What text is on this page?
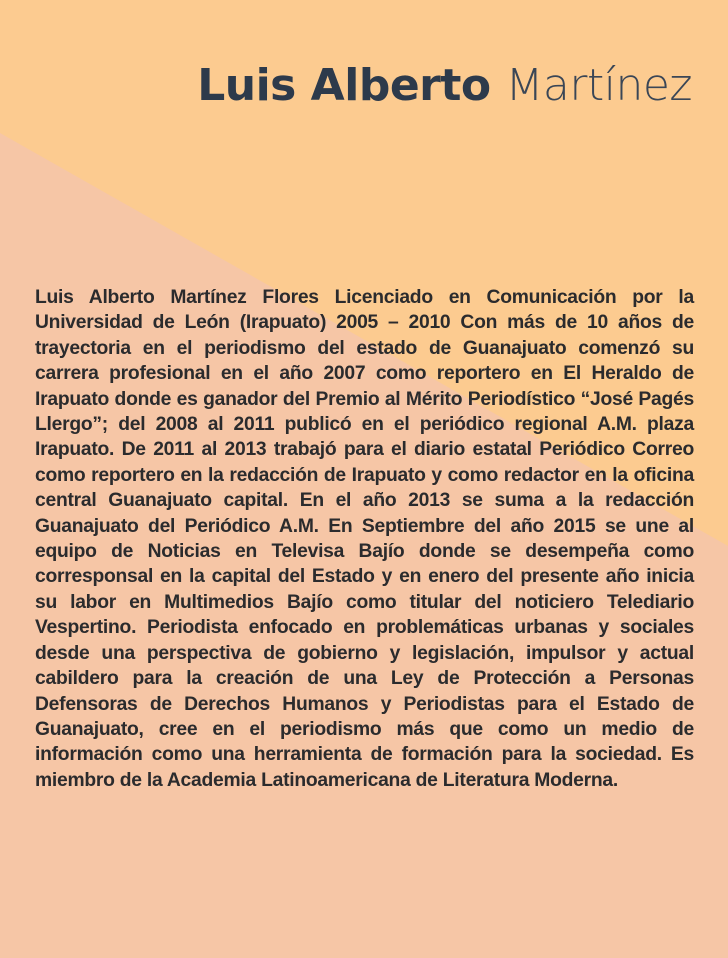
Luis Alberto Martínez

Luis Alberto Martínez Flores Licenciado en Comunicación por la Universidad de León (Irapuato) 2005 – 2010 Con más de 10 años de trayectoria en el periodismo del estado de Guanajuato comenzó su carrera profesional en el año 2007 como reportero en El Heraldo de Irapuato donde es ganador del Premio al Mérito Periodístico “José Pagés Llergo”; del 2008 al 2011 publicó en el periódico regional A.M. plaza Irapuato. De 2011 al 2013 trabajó para el diario estatal Periódico Correo como reportero en la redacción de Irapuato y como redactor en la oficina central Guanajuato capital. En el año 2013 se suma a la redacción Guanajuato del Periódico A.M. En Septiembre del año 2015 se une al equipo de Noticias en Televisa Bajío donde se desempeña como corresponsal en la capital del Estado y en enero del presente año inicia su labor en Multimedios Bajío como titular del noticiero Telediario Vespertino. Periodista enfocado en problemáticas urbanas y sociales desde una perspectiva de gobierno y legislación, impulsor y actual cabildero para la creación de una Ley de Protección a Personas Defensoras de Derechos Humanos y Periodistas para el Estado de Guanajuato, cree en el periodismo más que como un medio de información como una herramienta de formación para la sociedad. Es miembro de la Academia Latinoamericana de Literatura Moderna.
